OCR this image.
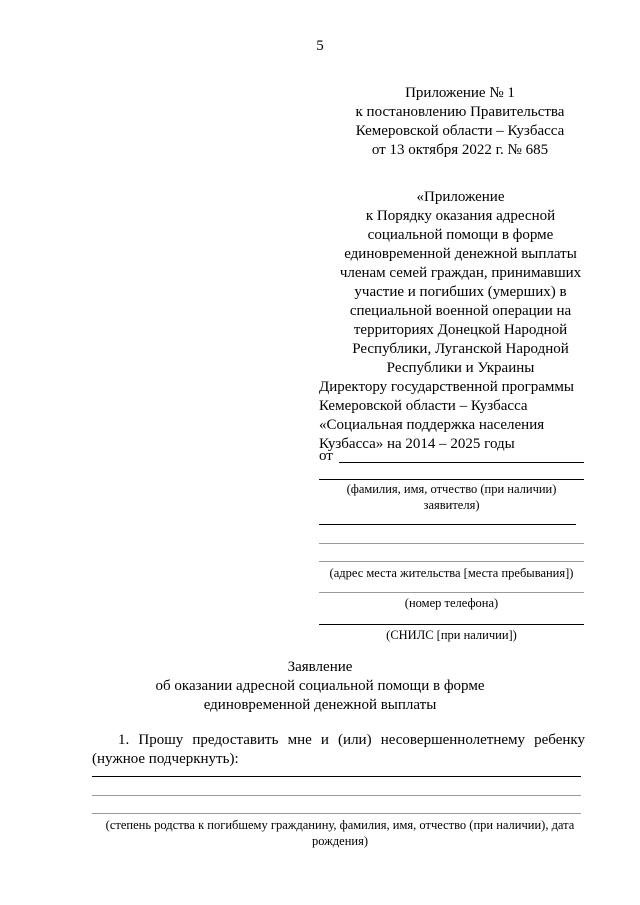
5
Приложение № 1
к постановлению Правительства
Кемеровской области – Кузбасса
от 13 октября 2022 г. № 685
«Приложение
к Порядку оказания адресной
социальной помощи в форме
единовременной денежной выплаты
членам семей граждан, принимавших
участие и погибших (умерших) в
специальной военной операции на
территориях Донецкой Народной
Республики, Луганской Народной
Республики и Украины
Директору государственной программы
Кемеровской области – Кузбасса
«Социальная поддержка населения
Кузбасса» на 2014 – 2025 годы
от
(фамилия, имя, отчество (при наличии)
заявителя)
(адрес места жительства [места пребывания])
(номер телефона)
(СНИЛС [при наличии])
Заявление
об оказании адресной социальной помощи в форме
единовременной денежной выплаты
1. Прошу предоставить мне и (или) несовершеннолетнему ребенку
(нужное подчеркнуть):
(степень родства к погибшему гражданину, фамилия, имя, отчество (при наличии), дата
рождения)
